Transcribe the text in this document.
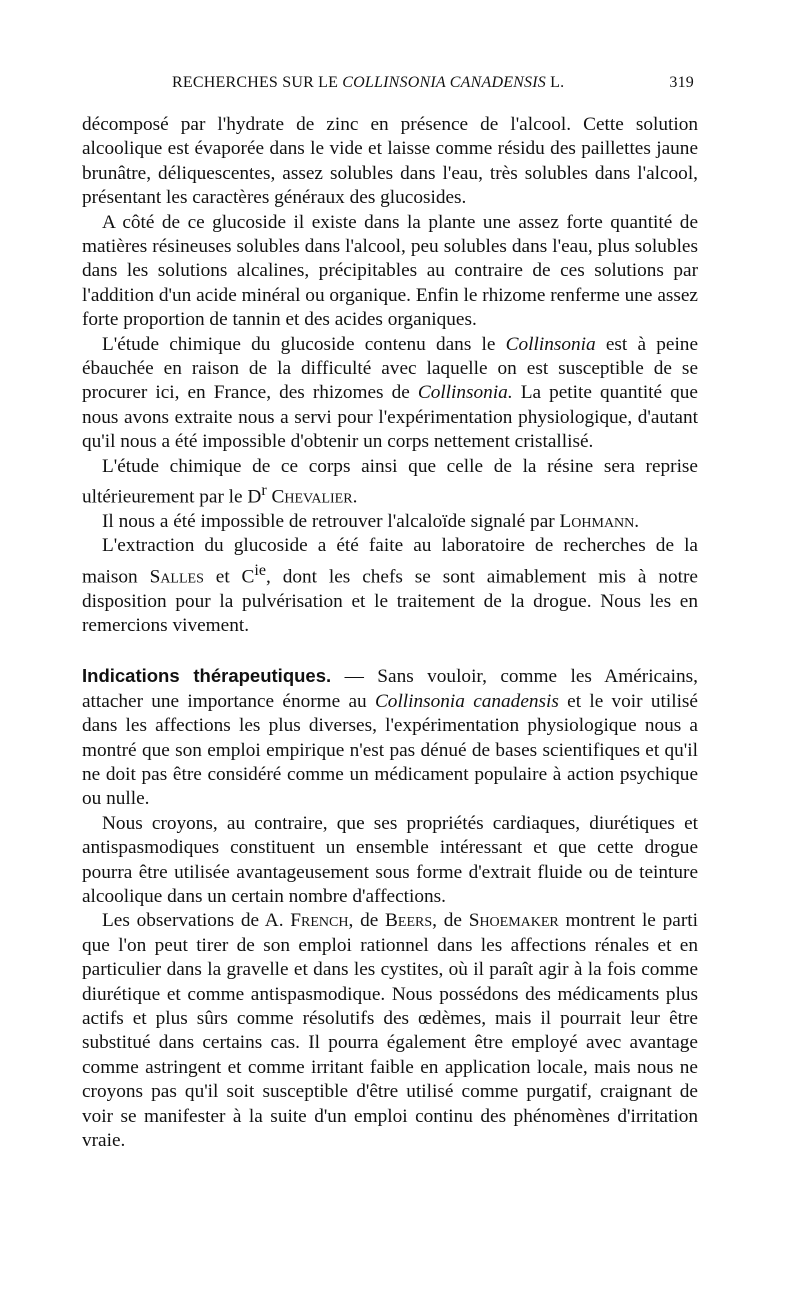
RECHERCHES SUR LE COLLINSONIA CANADENSIS L.	319

décomposé par l'hydrate de zinc en présence de l'alcool. Cette solution alcoolique est évaporée dans le vide et laisse comme résidu des paillettes jaune brunâtre, déliquescentes, assez solubles dans l'eau, très solubles dans l'alcool, présentant les caractères généraux des glucosides.

A côté de ce glucoside il existe dans la plante une assez forte quantité de matières résineuses solubles dans l'alcool, peu solubles dans l'eau, plus solubles dans les solutions alcalines, précipitables au contraire de ces solutions par l'addition d'un acide minéral ou organique. Enfin le rhizome renferme une assez forte proportion de tannin et des acides organiques.

L'étude chimique du glucoside contenu dans le Collinsonia est à peine ébauchée en raison de la difficulté avec laquelle on est susceptible de se procurer ici, en France, des rhizomes de Collinsonia. La petite quantité que nous avons extraite nous a servi pour l'expérimentation physiologique, d'autant qu'il nous a été impossible d'obtenir un corps nettement cristallisé.

L'étude chimique de ce corps ainsi que celle de la résine sera reprise ultérieurement par le $D^r$ Chevalier.

Il nous a été impossible de retrouver l'alcaloïde signalé par Lohmann.

L'extraction du glucoside a été faite au laboratoire de recherches de la maison Salles et $C^{ie}$, dont les chefs se sont aimablement mis à notre disposition pour la pulvérisation et le traitement de la drogue. Nous les en remercions vivement.

Indications thérapeutiques. — Sans vouloir, comme les Américains, attacher une importance énorme au Collinsonia canadensis et le voir utilisé dans les affections les plus diverses, l'expérimentation physiologique nous a montré que son emploi empirique n'est pas dénué de bases scientifiques et qu'il ne doit pas être considéré comme un médicament populaire à action psychique ou nulle.

Nous croyons, au contraire, que ses propriétés cardiaques, diurétiques et antispasmodiques constituent un ensemble intéressant et que cette drogue pourra être utilisée avantageusement sous forme d'extrait fluide ou de teinture alcoolique dans un certain nombre d'affections.

Les observations de A. French, de Beers, de Shoemaker montrent le parti que l'on peut tirer de son emploi rationnel dans les affections rénales et en particulier dans la gravelle et dans les cystites, où il paraît agir à la fois comme diurétique et comme antispasmodique. Nous possédons des médicaments plus actifs et plus sûrs comme résolutifs des œdèmes, mais il pourrait leur être substitué dans certains cas. Il pourra également être employé avec avantage comme astringent et comme irritant faible en application locale, mais nous ne croyons pas qu'il soit susceptible d'être utilisé comme purgatif, craignant de voir se manifester à la suite d'un emploi continu des phénomènes d'irritation vraie.
